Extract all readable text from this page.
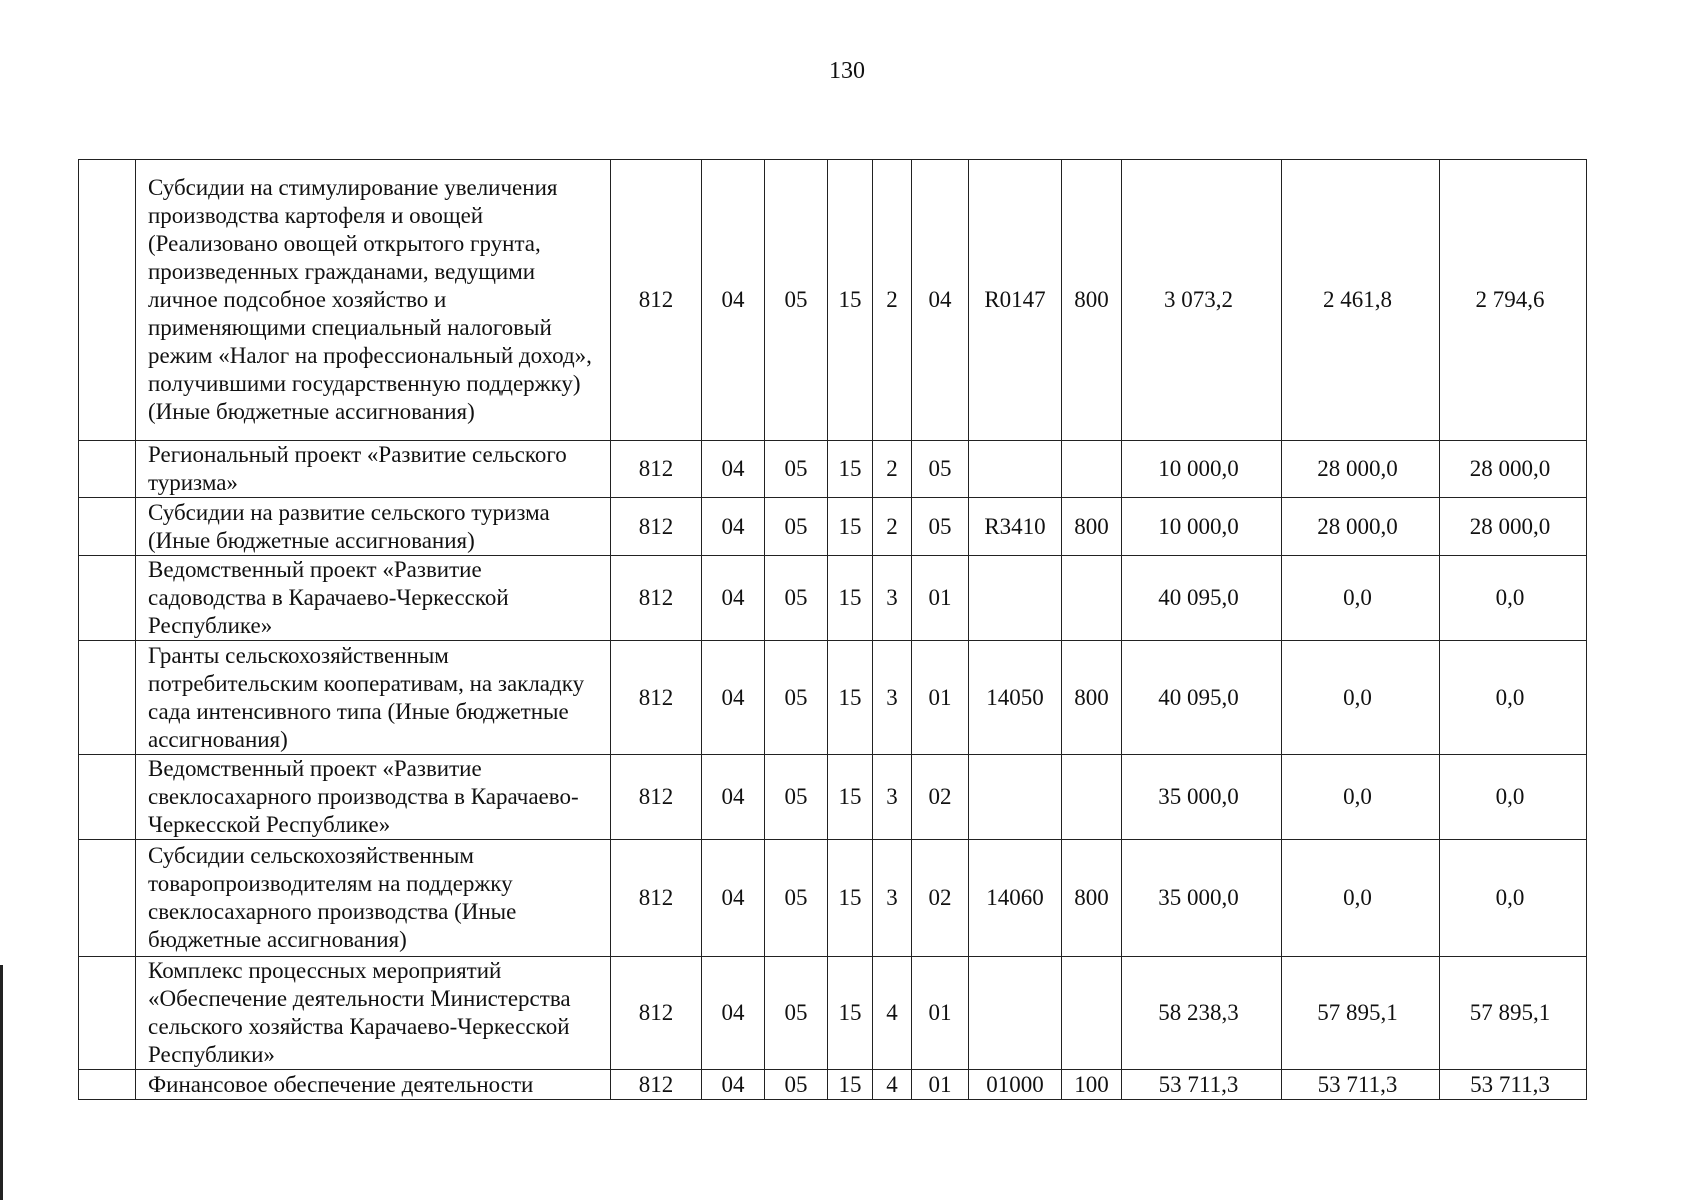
130
	Субсидии на стимулирование увеличения производства картофеля и овощей (Реализовано овощей открытого грунта, произведенных гражданами, ведущими личное подсобное хозяйство и применяющими специальный налоговый режим «Налог на профессиональный доход», получившими государственную поддержку) (Иные бюджетные ассигнования)	812	04	05	15	2	04	R0147	800	3 073,2	2 461,8	2 794,6
	Региональный проект «Развитие сельского туризма»	812	04	05	15	2	05			10 000,0	28 000,0	28 000,0
	Субсидии на развитие сельского туризма (Иные бюджетные ассигнования)	812	04	05	15	2	05	R3410	800	10 000,0	28 000,0	28 000,0
	Ведомственный проект «Развитие садоводства в Карачаево-Черкесской Республике»	812	04	05	15	3	01			40 095,0	0,0	0,0
	Гранты сельскохозяйственным потребительским кооперативам, на закладку сада интенсивного типа (Иные бюджетные ассигнования)	812	04	05	15	3	01	14050	800	40 095,0	0,0	0,0
	Ведомственный проект «Развитие свеклосахарного производства в Карачаево-Черкесской Республике»	812	04	05	15	3	02			35 000,0	0,0	0,0
	Субсидии сельскохозяйственным товаропроизводителям на поддержку свеклосахарного производства (Иные бюджетные ассигнования)	812	04	05	15	3	02	14060	800	35 000,0	0,0	0,0
	Комплекс процессных мероприятий «Обеспечение деятельности Министерства сельского хозяйства Карачаево-Черкесской Республики»	812	04	05	15	4	01			58 238,3	57 895,1	57 895,1
	Финансовое обеспечение деятельности	812	04	05	15	4	01	01000	100	53 711,3	53 711,3	53 711,3
